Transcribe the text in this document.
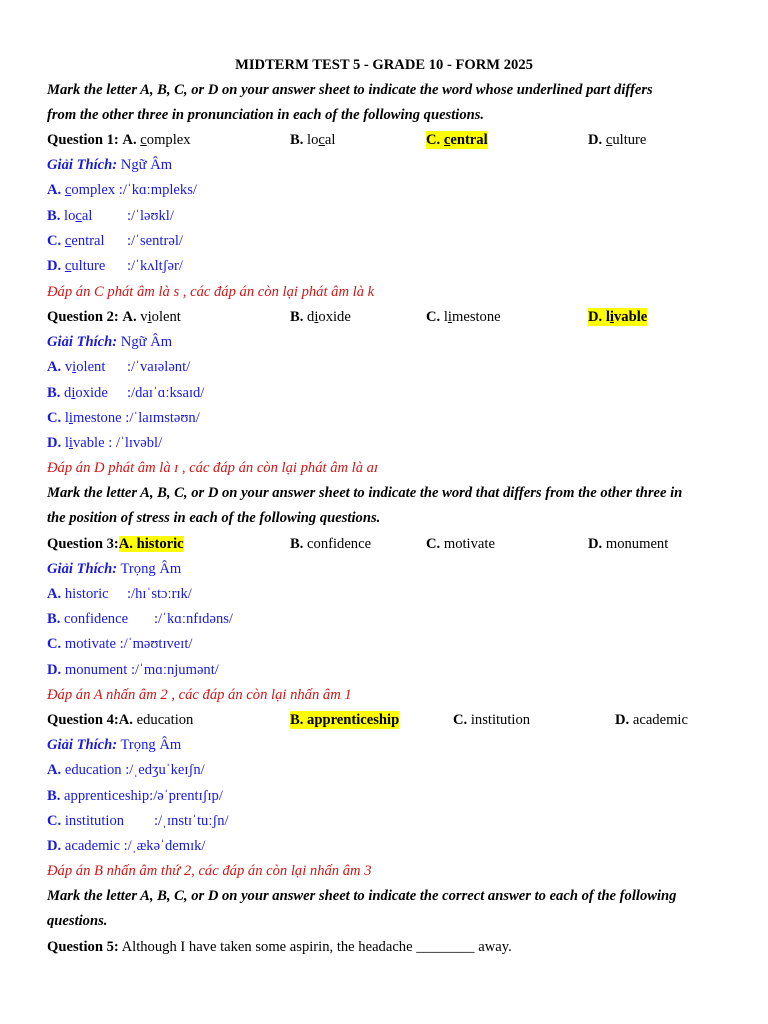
MIDTERM TEST 5 - GRADE 10 - FORM 2025
Mark the letter A, B, C, or D on your answer sheet to indicate the word whose underlined part differs
from the other three in pronunciation in each of the following questions.
Question 1: A. complex	B. local	C. central	D. culture
Giải Thích: Ngữ Âm
A. complex :/ˈkɑːmpleks/
B. local :/ˈləʊkl/
C. central :/ˈsentrəl/
D. culture :/ˈkʌltʃər/
Đáp án C phát âm là s , các đáp án còn lại phát âm là k
Question 2: A. violent	B. dioxide	C. limestone	D. livable
Giải Thích: Ngữ Âm
A. violent :/ˈvaɪələnt/
B. dioxide :/daɪˈɑːksaɪd/
C. limestone :/ˈlaɪmstəʊn/
D. livable : /ˈlɪvəbl/
Đáp án D phát âm là ɪ , các đáp án còn lại phát âm là aɪ
Mark the letter A, B, C, or D on your answer sheet to indicate the word that differs from the other three in
the position of stress in each of the following questions.
Question 3:A. historic	B. confidence	C. motivate	D. monument
Giải Thích: Trọng Âm
A. historic :/hɪˈstɔːrɪk/
B. confidence :/ˈkɑːnfɪdəns/
C. motivate :/ˈməʊtɪveɪt/
D. monument :/ˈmɑːnjumənt/
Đáp án A nhấn âm 2 , các đáp án còn lại nhấn âm 1
Question 4:A. education	B. apprenticeship	C. institution	D. academic
Giải Thích: Trọng Âm
A. education :/ˌedʒuˈkeɪʃn/
B. apprenticeship:/əˈprentɪʃɪp/
C. institution :/ˌɪnstɪˈtuːʃn/
D. academic :/ˌækəˈdemɪk/
Đáp án B nhấn âm thứ 2, các đáp án còn lại nhấn âm 3
Mark the letter A, B, C, or D on your answer sheet to indicate the correct answer to each of the following
questions.
Question 5: Although I have taken some aspirin, the headache ________ away.
